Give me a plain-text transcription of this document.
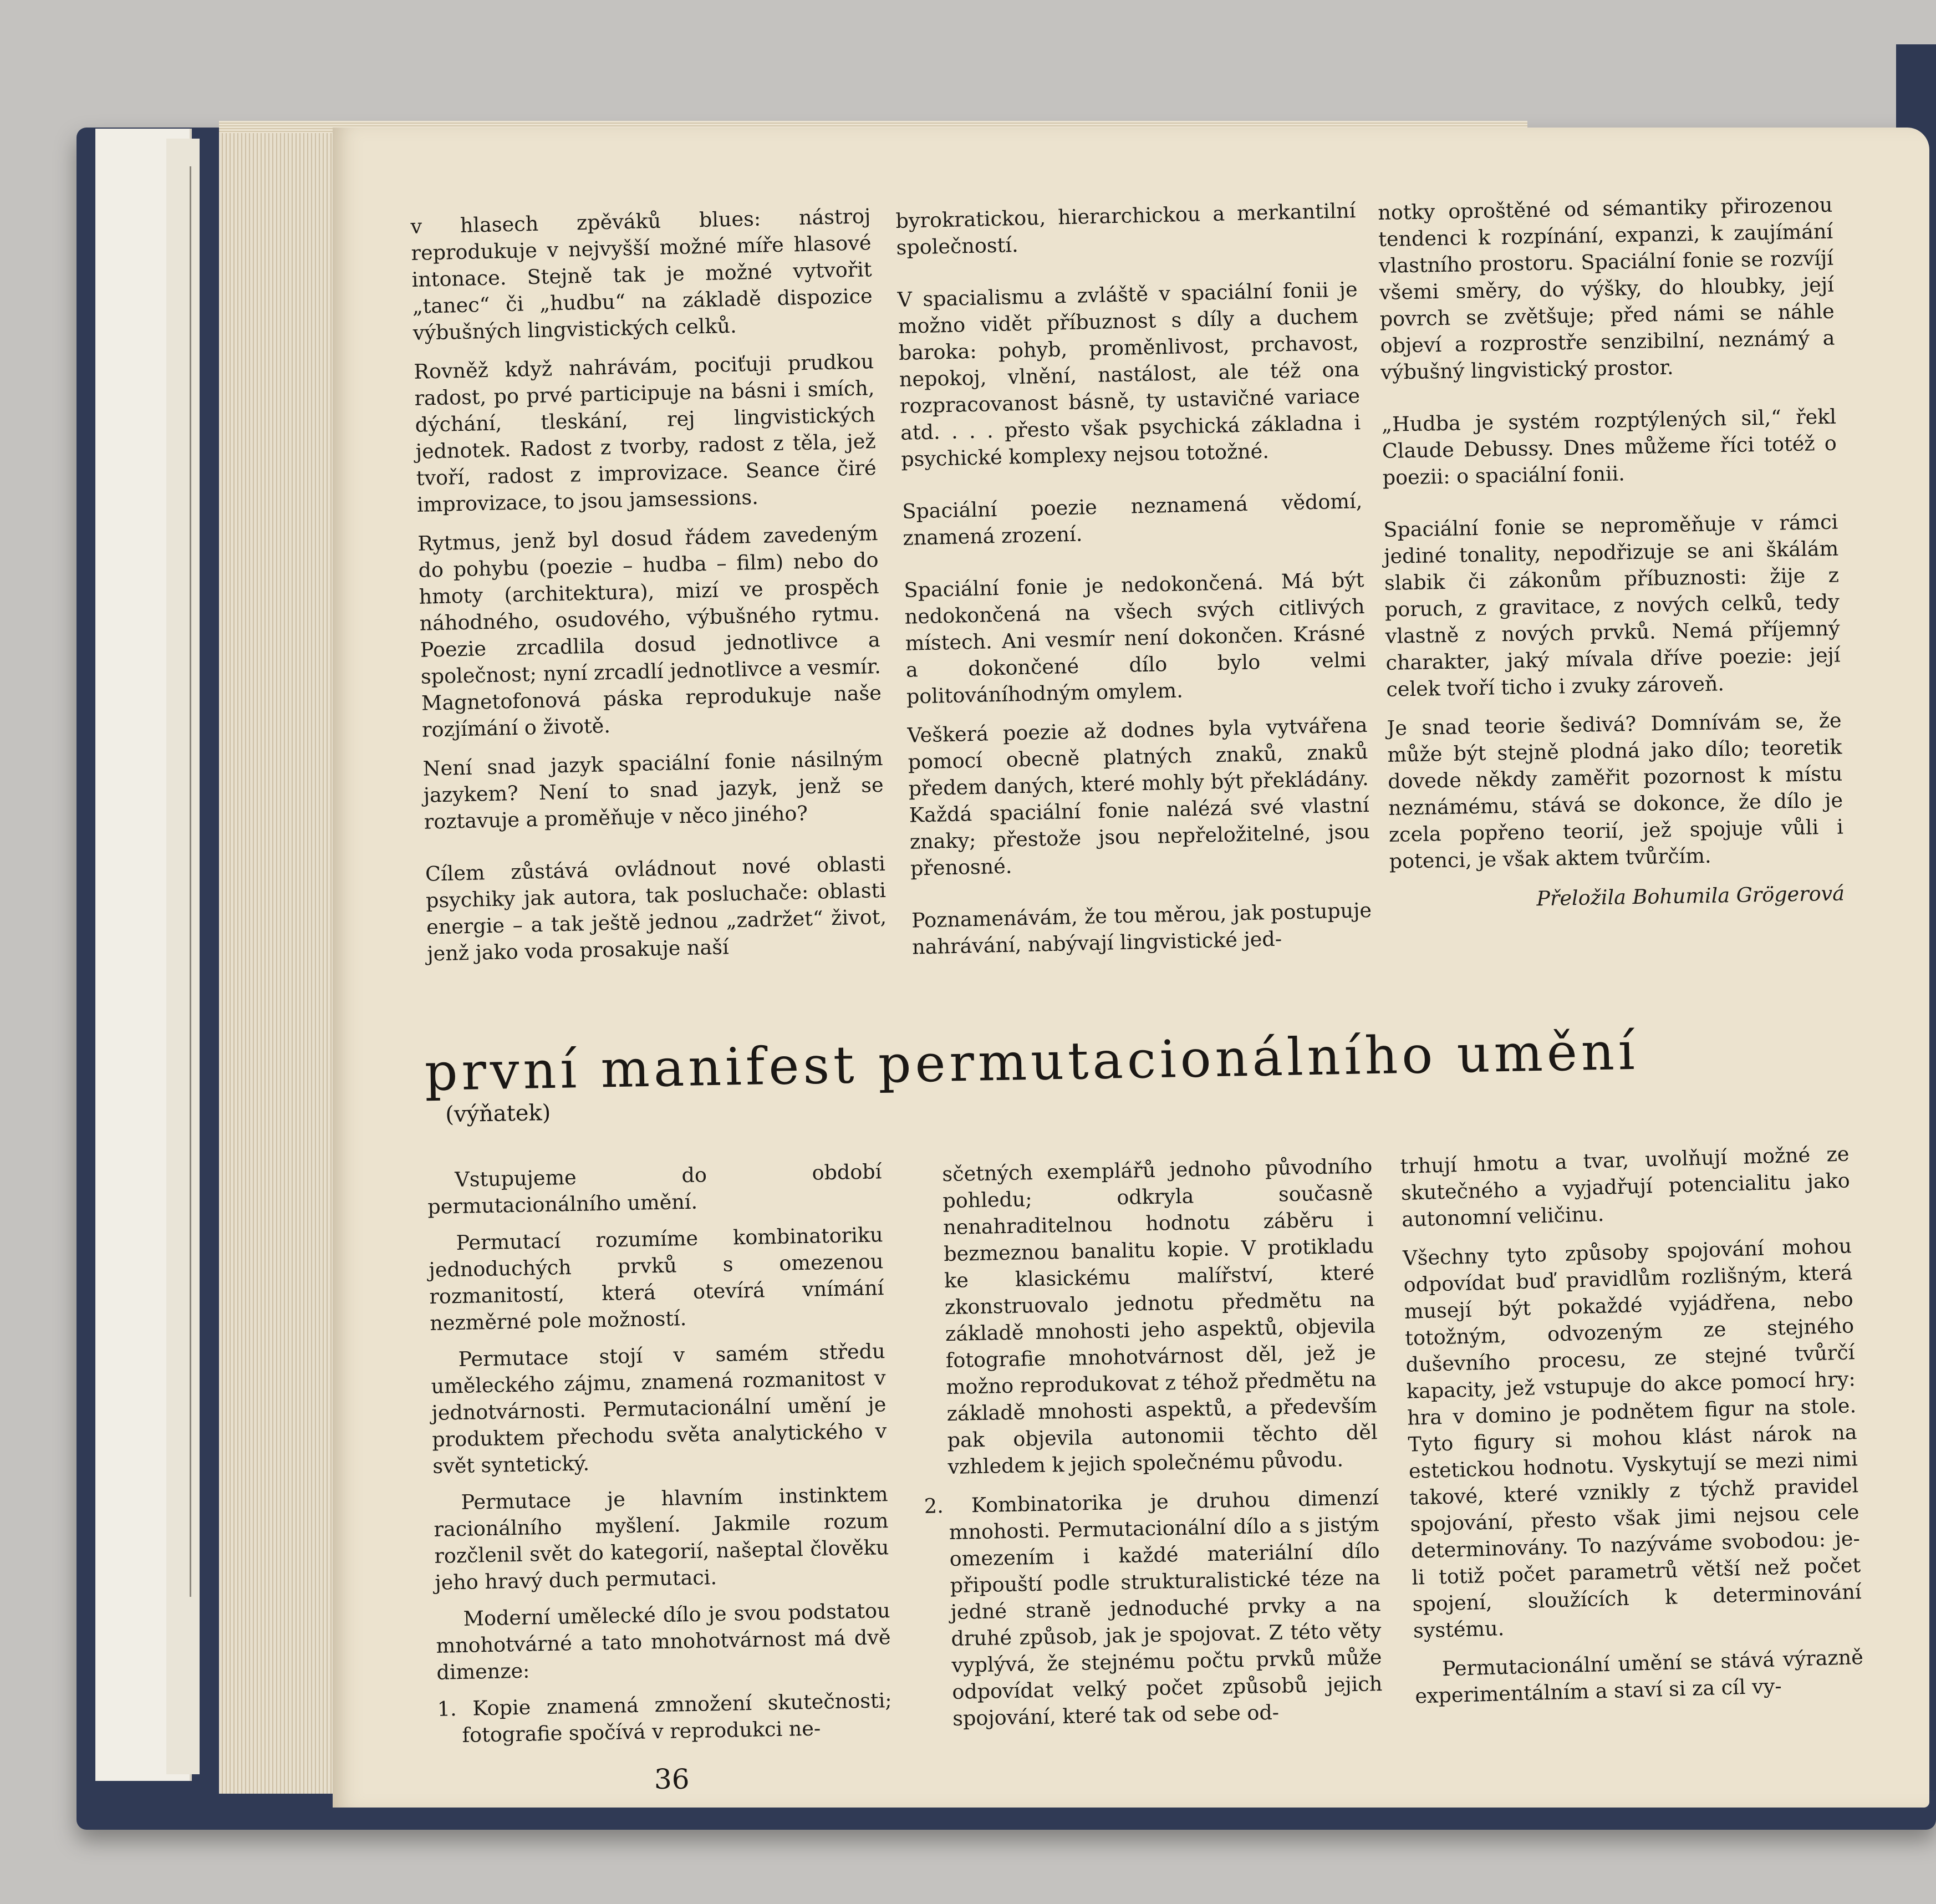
v hlasech zpěváků blues: nástroj reprodukuje v nejvyšší možné míře hlasové intonace. Stejně tak je možné vytvořit „tanec“ či „hudbu“ na základě dispozice výbušných lingvistických celků.

Rovněž když nahrávám, pociťuji prudkou radost, po prvé participuje na básni i smích, dýchání, tleskání, rej lingvistických jednotek. Radost z tvorby, radost z těla, jež tvoří, radost z improvizace. Seance čiré improvizace, to jsou jamsessions.

Rytmus, jenž byl dosud řádem zavedeným do pohybu (poezie – hudba – film) nebo do hmoty (architektura), mizí ve prospěch náhodného, osudového, výbušného rytmu. Poezie zrcadlila dosud jednotlivce a společnost; nyní zrcadlí jednotlivce a vesmír. Magnetofonová páska reprodukuje naše rozjímání o životě.

Není snad jazyk spaciální fonie násilným jazykem? Není to snad jazyk, jenž se roztavuje a proměňuje v něco jiného?

Cílem zůstává ovládnout nové oblasti psychiky jak autora, tak posluchače: oblasti energie – a tak ještě jednou „zadržet“ život, jenž jako voda prosakuje naší

byrokratickou, hierarchickou a merkantilní společností.

V spacialismu a zvláště v spaciální fonii je možno vidět příbuznost s díly a duchem baroka: pohyb, proměnlivost, prchavost, nepokoj, vlnění, nastálost, ale též ona rozpracovanost básně, ty ustavičné variace atd. . . . přesto však psychická základna i psychické komplexy nejsou totožné.

Spaciální poezie neznamená vědomí, znamená zrození.

Spaciální fonie je nedokončená. Má být nedokončená na všech svých citlivých místech. Ani vesmír není dokončen. Krásné a dokončené dílo bylo velmi politováníhodným omylem.

Veškerá poezie až dodnes byla vytvářena pomocí obecně platných znaků, znaků předem daných, které mohly být překládány. Každá spaciální fonie nalézá své vlastní znaky; přestože jsou nepřeložitelné, jsou přenosné.

Poznamenávám, že tou měrou, jak postupuje nahrávání, nabývají lingvistické jed-

notky oproštěné od sémantiky přirozenou tendenci k rozpínání, expanzi, k zaujímání vlastního prostoru. Spaciální fonie se rozvíjí všemi směry, do výšky, do hloubky, její povrch se zvětšuje; před námi se náhle objeví a rozprostře senzibilní, neznámý a výbušný lingvistický prostor.

„Hudba je systém rozptýlených sil,“ řekl Claude Debussy. Dnes můžeme říci totéž o poezii: o spaciální fonii.

Spaciální fonie se neproměňuje v rámci jediné tonality, nepodřizuje se ani škálám slabik či zákonům příbuznosti: žije z poruch, z gravitace, z nových celků, tedy vlastně z nových prvků. Nemá příjemný charakter, jaký mívala dříve poezie: její celek tvoří ticho i zvuky zároveň.

Je snad teorie šedivá? Domnívám se, že může být stejně plodná jako dílo; teoretik dovede někdy zaměřit pozornost k místu neznámému, stává se dokonce, že dílo je zcela popřeno teorií, jež spojuje vůli i potenci, je však aktem tvůrčím.

Přeložila Bohumila Grögerová

první manifest permutacionálního umění (výňatek)

Vstupujeme do období permutacionálního umění.

Permutací rozumíme kombinatoriku jednoduchých prvků s omezenou rozmanitostí, která otevírá vnímání nezměrné pole možností.

Permutace stojí v samém středu uměleckého zájmu, znamená rozmanitost v jednotvárnosti. Permutacionální umění je produktem přechodu světa analytického v svět syntetický.

Permutace je hlavním instinktem racionálního myšlení. Jakmile rozum rozčlenil svět do kategorií, našeptal člověku jeho hravý duch permutaci.

Moderní umělecké dílo je svou podstatou mnohotvárné a tato mnohotvárnost má dvě dimenze:

1. Kopie znamená zmnožení skutečnosti; fotografie spočívá v reprodukci ne-

sčetných exemplářů jednoho původního pohledu; odkryla současně nenahraditelnou hodnotu záběru i bezmeznou banalitu kopie. V protikladu ke klasickému malířství, které zkonstruovalo jednotu předmětu na základě mnohosti jeho aspektů, objevila fotografie mnohotvárnost děl, jež je možno reprodukovat z téhož předmětu na základě mnohosti aspektů, a především pak objevila autonomii těchto děl vzhledem k jejich společnému původu.

2. Kombinatorika je druhou dimenzí mnohosti. Permutacionální dílo a s jistým omezením i každé materiální dílo připouští podle strukturalistické téze na jedné straně jednoduché prvky a na druhé způsob, jak je spojovat. Z této věty vyplývá, že stejnému počtu prvků může odpovídat velký počet způsobů jejich spojování, které tak od sebe od-

trhují hmotu a tvar, uvolňují možné ze skutečného a vyjadřují potencialitu jako autonomní veličinu.

Všechny tyto způsoby spojování mohou odpovídat buď pravidlům rozlišným, která musejí být pokaždé vyjádřena, nebo totožným, odvozeným ze stejného duševního procesu, ze stejné tvůrčí kapacity, jež vstupuje do akce pomocí hry: hra v domino je podnětem figur na stole. Tyto figury si mohou klást nárok na estetickou hodnotu. Vyskytují se mezi nimi takové, které vznikly z týchž pravidel spojování, přesto však jimi nejsou cele determinovány. To nazýváme svobodou: je-li totiž počet parametrů větší než počet spojení, sloužících k determinování systému.

Permutacionální umění se stává výrazně experimentálním a staví si za cíl vy-

36
